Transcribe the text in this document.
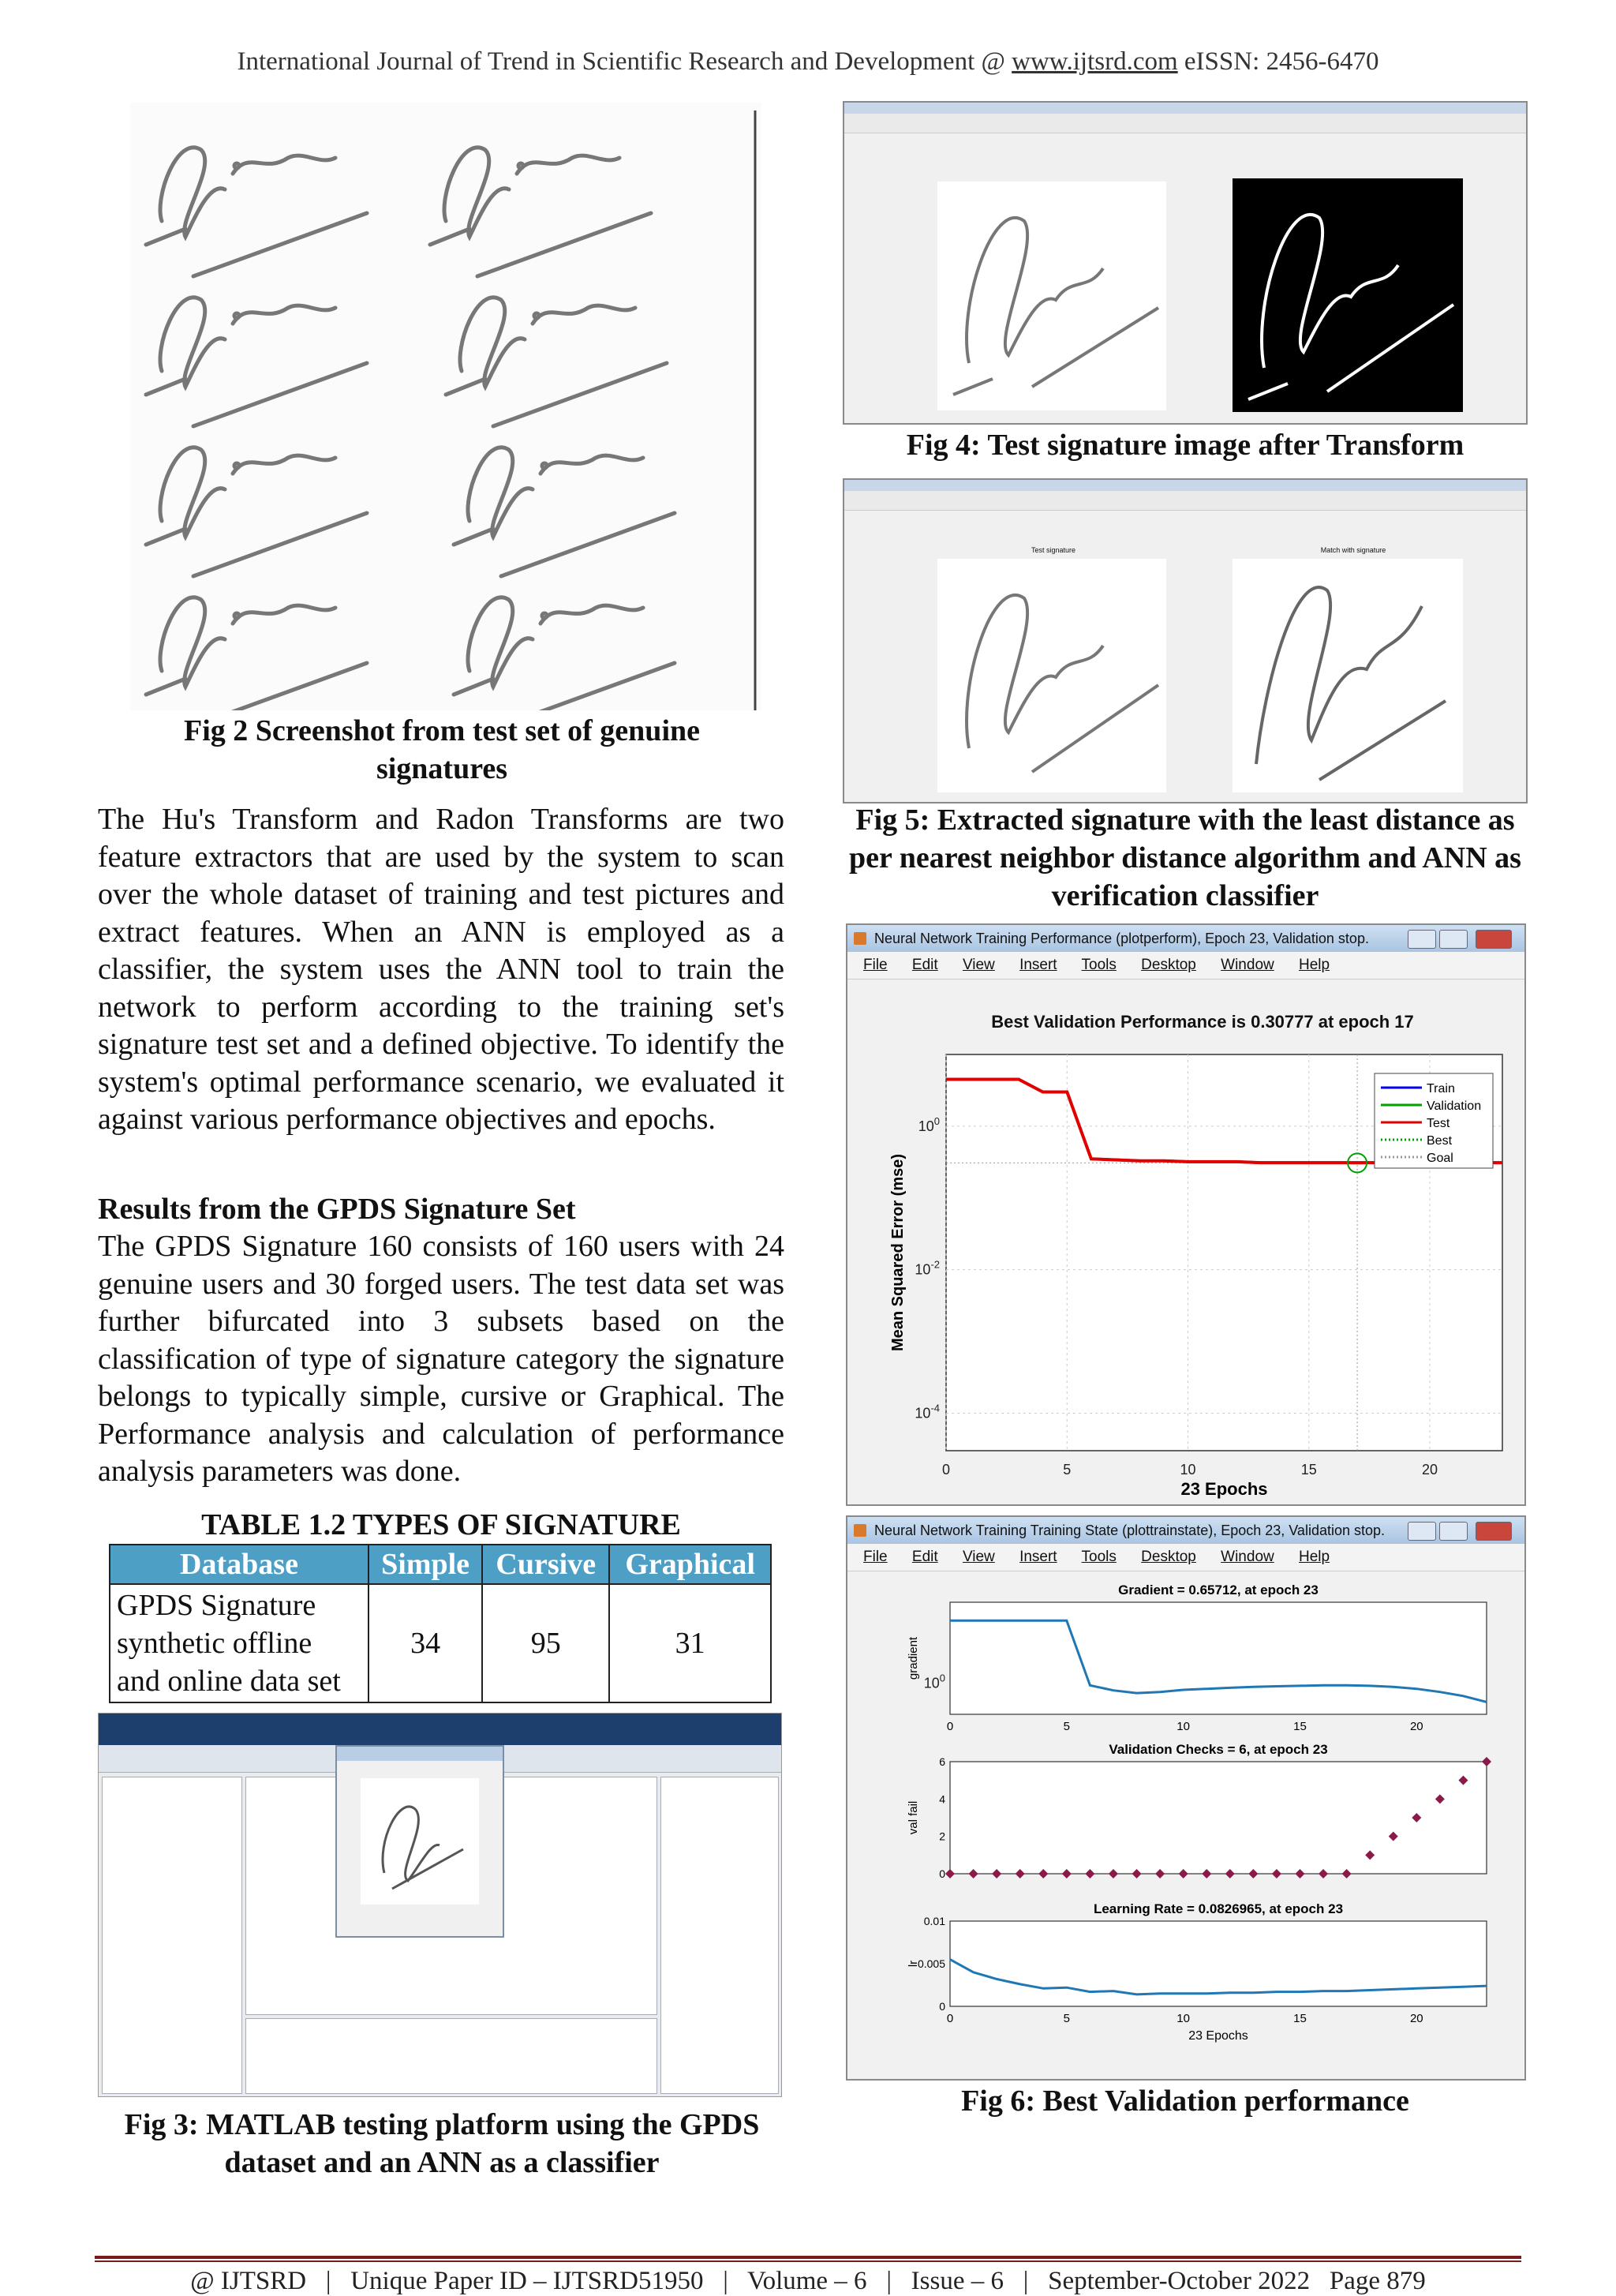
International Journal of Trend in Scientific Research and Development @ www.ijtsrd.com eISSN: 2456-6470
Fig 2 Screenshot from test set of genuine signatures
The Hu's Transform and Radon Transforms are two feature extractors that are used by the system to scan over the whole dataset of training and test pictures and extract features. When an ANN is employed as a classifier, the system uses the ANN tool to train the network to perform according to the training set's signature test set and a defined objective. To identify the system's optimal performance scenario, we evaluated it against various performance objectives and epochs.
Results from the GPDS Signature Set
The GPDS Signature 160 consists of 160 users with 24 genuine users and 30 forged users. The test data set was further bifurcated into 3 subsets based on the classification of type of signature category the signature belongs to typically simple, cursive or Graphical. The Performance analysis and calculation of performance analysis parameters was done.
TABLE 1.2 TYPES OF SIGNATURE
Database	Simple	Cursive	Graphical
GPDS Signature synthetic offline and online data set	34	95	31
Fig 3: MATLAB testing platform using the GPDS dataset and an ANN as a classifier
Fig 4: Test signature image after Transform
Test signature	Match with signature
Fig 5: Extracted signature with the least distance as per nearest neighbor distance algorithm and ANN as verification classifier
Neural Network Training Performance (plotperform), Epoch 23, Validation stop.
File Edit View Insert Tools Desktop Window Help
Best Validation Performance is 0.30777 at epoch 17
0	5	10	15	20
$10^0$
$10^{-2}$
$10^{-4}$
23 Epochs
Mean Squared Error (mse)
Train
Validation
Test
Best
Goal
Neural Network Training Training State (plottrainstate), Epoch 23, Validation stop.
File Edit View Insert Tools Desktop Window Help
Gradient = 0.65712, at epoch 23
gradient
$10^0$
0	5	10	15	20
Validation Checks = 6, at epoch 23
val fail
0
2
4
6
Learning Rate = 0.0826965, at epoch 23
lr
0
0.005
0.01
0	5	10	15	20
23 Epochs
Fig 6: Best Validation performance
@ IJTSRD   |   Unique Paper ID – IJTSRD51950   |   Volume – 6   |   Issue – 6   |   September-October 2022   Page 879
